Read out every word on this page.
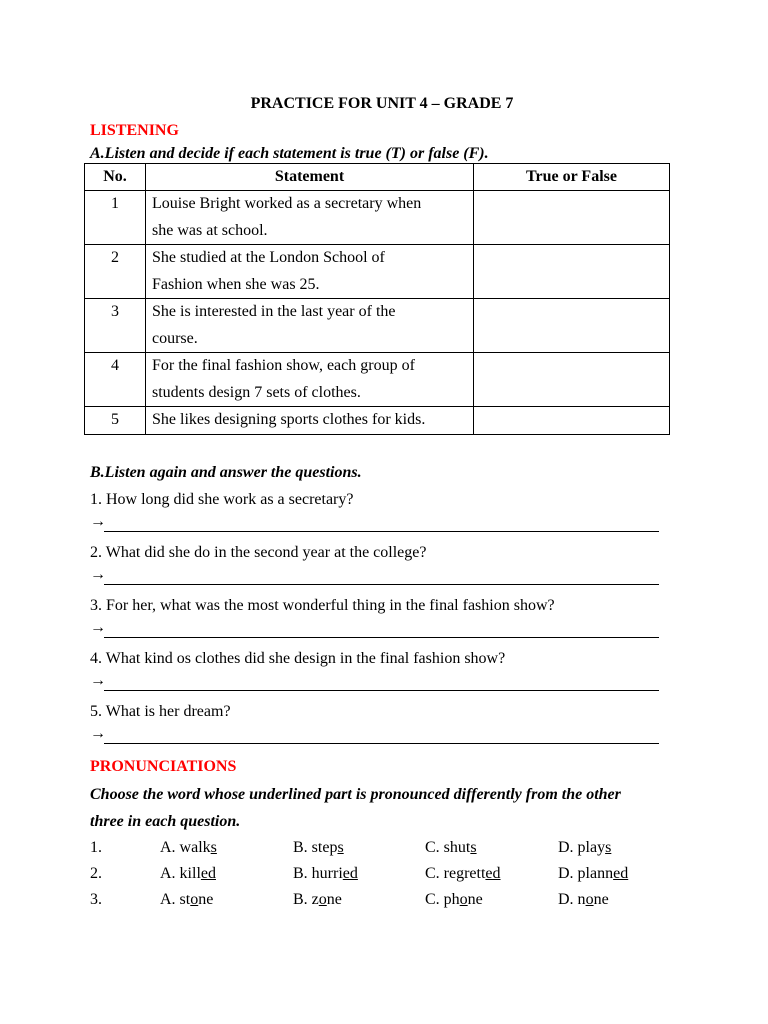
PRACTICE FOR UNIT 4 – GRADE 7
LISTENING
A.Listen and decide if each statement is true (T) or false (F).
No.	Statement	True or False
1	Louise Bright worked as a secretary when
she was at school.	
2	She studied at the London School of
Fashion when she was 25.	
3	She is interested in the last year of the
course.	
4	For the final fashion show, each group of
students design 7 sets of clothes.	
5	She likes designing sports clothes for kids.	
B.Listen again and answer the questions.
1. How long did she work as a secretary?
→
2. What did she do in the second year at the college?
→
3. For her, what was the most wonderful thing in the final fashion show?
→
4. What kind os clothes did she design in the final fashion show?
→
5. What is her dream?
→
PRONUNCIATIONS
Choose the word whose underlined part is pronounced differently from the other
three in each question.
1.	A. walks	B. steps	C. shuts	D. plays
2.	A. killed	B. hurried	C. regretted	D. planned
3.	A. stone	B. zone	C. phone	D. none
